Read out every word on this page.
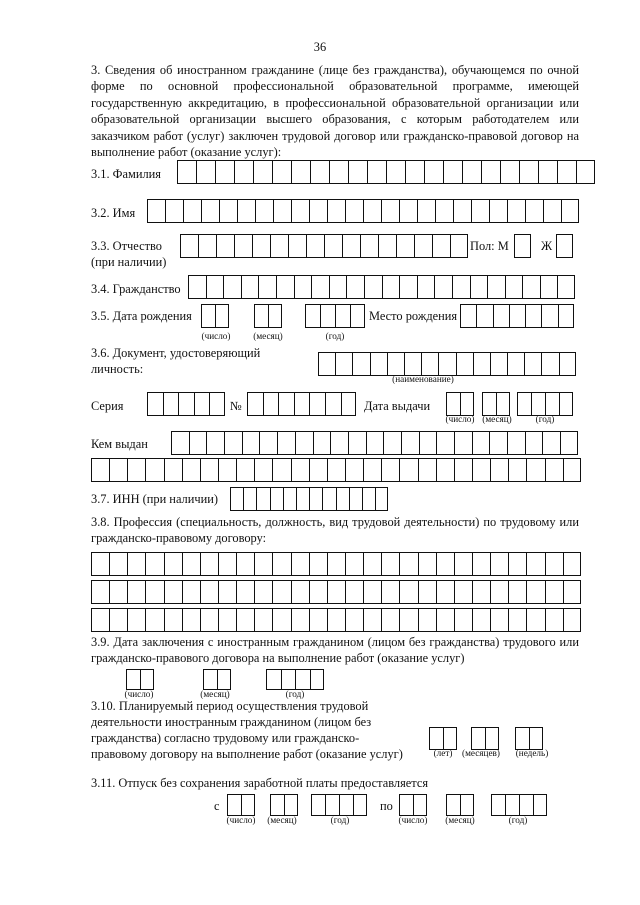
36
3. Сведения об иностранном гражданине (лице без гражданства), обучающемся по очной форме по основной профессиональной образовательной программе, имеющей государственную аккредитацию, в профессиональной образовательной организации или образовательной организации высшего образования, с которым работодателем или заказчиком работ (услуг) заключен трудовой договор или гражданско-правовой договор на выполнение работ (оказание услуг):
3.1. Фамилия
3.2. Имя
3.3. Отчество
(при наличии)
Пол: М	Ж
3.4. Гражданство
3.5. Дата рождения
(число)	(месяц)	(год)
Место рождения
3.6. Документ, удостоверяющий
личность:
(наименование)
Серия	№	Дата выдачи
(число) (месяц)	(год)
Кем выдан
3.7. ИНН (при наличии)
3.8. Профессия (специальность, должность, вид трудовой деятельности) по трудовому или гражданско-правовому договору:
3.9. Дата заключения с иностранным гражданином (лицом без гражданства) трудового или гражданско-правового договора на выполнение работ (оказание услуг)
(число)	(месяц)	(год)
3.10. Планируемый период осуществления трудовой
деятельности иностранным гражданином (лицом без
гражданства) согласно трудовому или гражданско-
правовому договору на выполнение работ (оказание услуг)	(лет)	(месяцев)	(недель)
3.11. Отпуск без сохранения заработной платы предоставляется
с
(число)	(месяц)	(год)
по
(число)	(месяц)	(год)
